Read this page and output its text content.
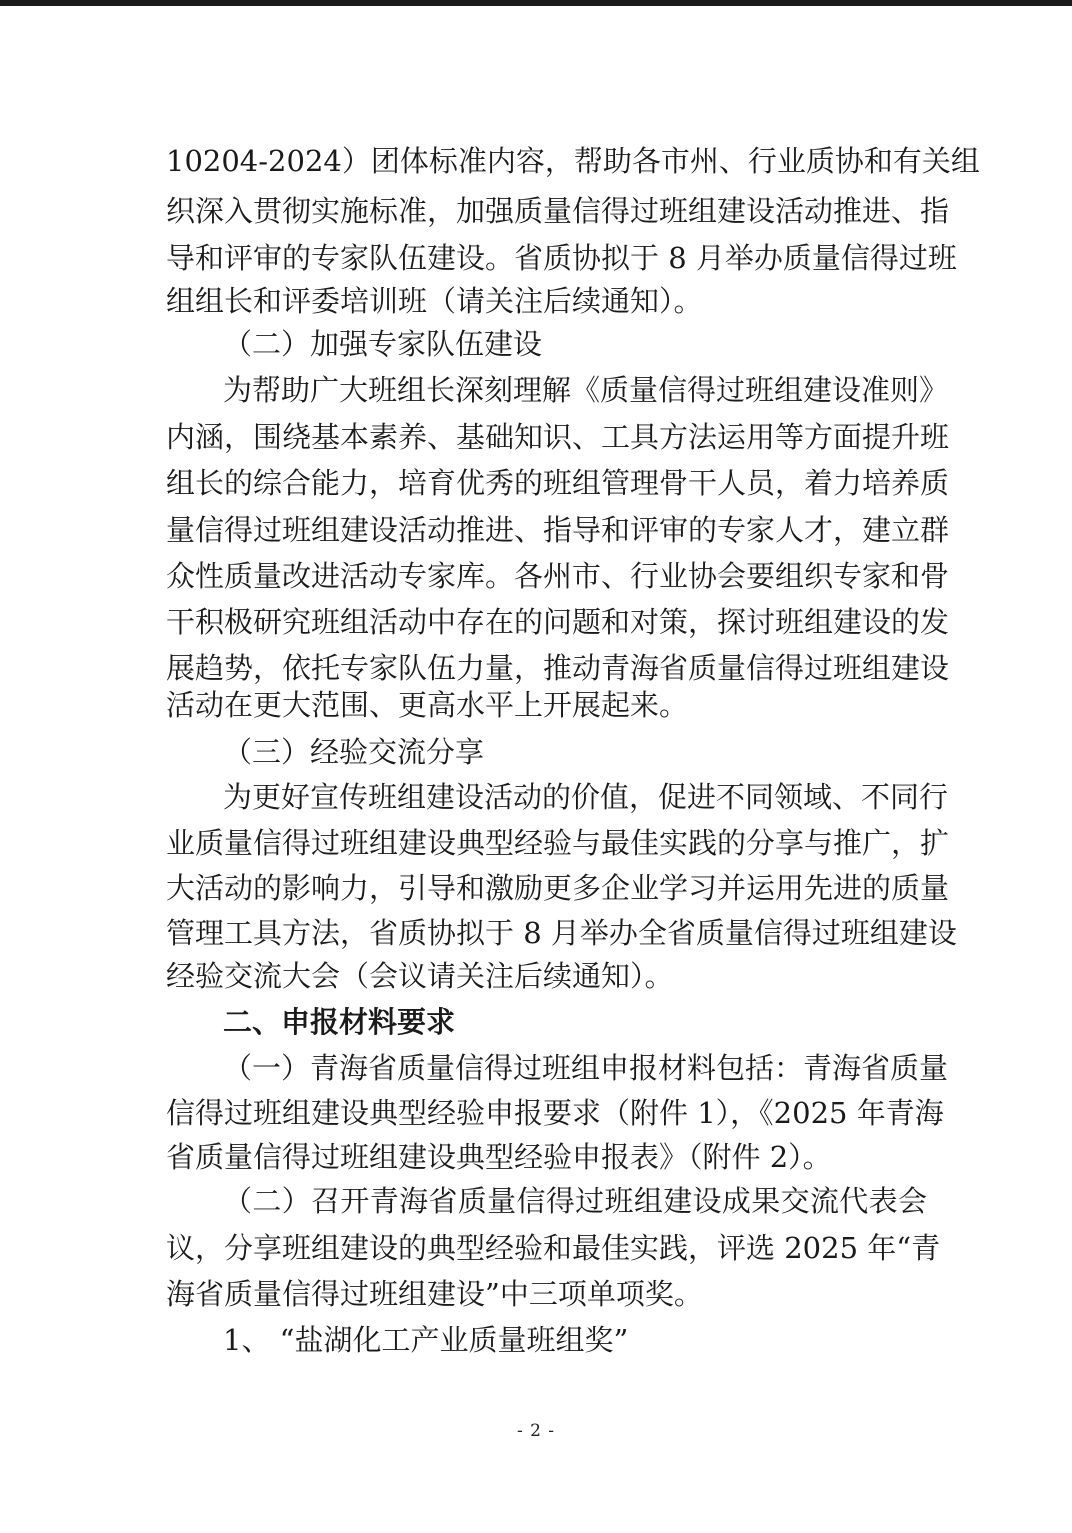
10204-2024）团体标准内容，帮助各市州、行业质协和有关组
织深入贯彻实施标准，加强质量信得过班组建设活动推进、指
导和评审的专家队伍建设。省质协拟于 8 月举办质量信得过班
组组长和评委培训班（请关注后续通知）。
（二）加强专家队伍建设
为帮助广大班组长深刻理解《质量信得过班组建设准则》
内涵，围绕基本素养、基础知识、工具方法运用等方面提升班
组长的综合能力，培育优秀的班组管理骨干人员，着力培养质
量信得过班组建设活动推进、指导和评审的专家人才，建立群
众性质量改进活动专家库。各州市、行业协会要组织专家和骨
干积极研究班组活动中存在的问题和对策，探讨班组建设的发
展趋势，依托专家队伍力量，推动青海省质量信得过班组建设
活动在更大范围、更高水平上开展起来。
（三）经验交流分享
为更好宣传班组建设活动的价值，促进不同领域、不同行
业质量信得过班组建设典型经验与最佳实践的分享与推广，扩
大活动的影响力，引导和激励更多企业学习并运用先进的质量
管理工具方法，省质协拟于 8 月举办全省质量信得过班组建设
经验交流大会（会议请关注后续通知）。
二、申报材料要求
（一）青海省质量信得过班组申报材料包括：青海省质量
信得过班组建设典型经验申报要求（附件 1），《2025 年青海
省质量信得过班组建设典型经验申报表》（附件 2）。
（二）召开青海省质量信得过班组建设成果交流代表会
议，分享班组建设的典型经验和最佳实践，评选 2025 年“青
海省质量信得过班组建设”中三项单项奖。
1、 “盐湖化工产业质量班组奖”
- 2 -
